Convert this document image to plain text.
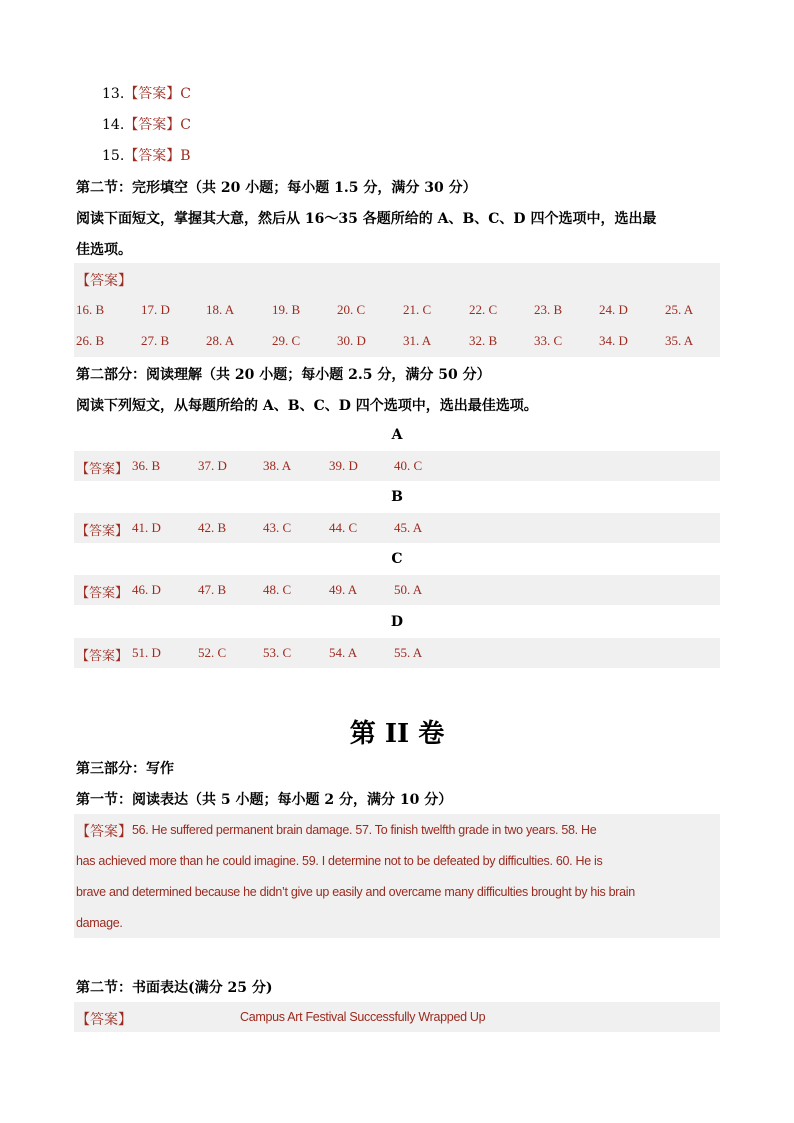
13.【答案】C
14.【答案】C
15.【答案】B
第二节：完形填空（共 20 小题；每小题 1.5 分，满分 30 分）
阅读下面短文，掌握其大意，然后从 16～35 各题所给的 A、B、C、D 四个选项中，选出最
佳选项。
【答案】
16. B	17. D	18. A	19. B	20. C	21. C	22. C	23. B	24. D	25. A
26. B	27. B	28. A	29. C	30. D	31. A	32. B	33. C	34. D	35. A
第二部分：阅读理解（共 20 小题；每小题 2.5 分，满分 50 分）
阅读下列短文，从每题所给的 A、B、C、D 四个选项中，选出最佳选项。
A
【答案】 36. B	37. D	38. A	39. D	40. C
B
【答案】 41. D	42. B	43. C	44. C	45. A
C
【答案】 46. D	47. B	48. C	49. A	50. A
D
【答案】 51. D	52. C	53. C	54. A	55. A
第 II 卷
第三部分：写作
第一节：阅读表达（共 5 小题；每小题 2 分，满分 10 分）
【答案】 56. He suffered permanent brain damage. 57. To finish twelfth grade in two years. 58. He
has achieved more than he could imagine. 59. I determine not to be defeated by difficulties. 60. He is
brave and determined because he didn’t give up easily and overcame many difficulties brought by his brain
damage.
第二节：书面表达(满分 25 分)
【答案】	Campus Art Festival Successfully Wrapped Up
